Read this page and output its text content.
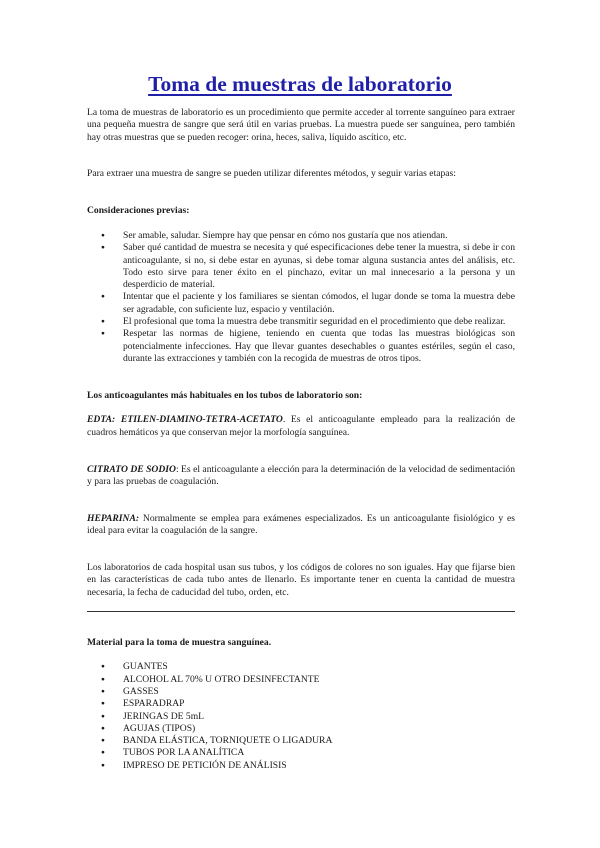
Toma de muestras de laboratorio

La toma de muestras de laboratorio es un procedimiento que permite acceder al torrente sanguíneo para extraer una pequeña muestra de sangre que será útil en varias pruebas. La muestra puede ser sanguínea, pero también hay otras muestras que se pueden recoger: orina, heces, saliva, líquido ascítico, etc.

Para extraer una muestra de sangre se pueden utilizar diferentes métodos, y seguir varias etapas:

Consideraciones previas:

● Ser amable, saludar. Siempre hay que pensar en cómo nos gustaría que nos atiendan.
● Saber qué cantidad de muestra se necesita y qué especificaciones debe tener la muestra, si debe ir con anticoagulante, si no, si debe estar en ayunas, si debe tomar alguna sustancia antes del análisis, etc. Todo esto sirve para tener éxito en el pinchazo, evitar un mal innecesario a la persona y un desperdicio de material.
● Intentar que el paciente y los familiares se sientan cómodos, el lugar donde se toma la muestra debe ser agradable, con suficiente luz, espacio y ventilación.
● El profesional que toma la muestra debe transmitir seguridad en el procedimiento que debe realizar.
● Respetar las normas de higiene, teniendo en cuenta que todas las muestras biológicas son potencialmente infecciones. Hay que llevar guantes desechables o guantes estériles, según el caso, durante las extracciones y también con la recogida de muestras de otros tipos.

Los anticoagulantes más habituales en los tubos de laboratorio son:

EDTA: ETILEN-DIAMINO-TETRA-ACETATO. Es el anticoagulante empleado para la realización de cuadros hemáticos ya que conservan mejor la morfología sanguínea.

CITRATO DE SODIO: Es el anticoagulante a elección para la determinación de la velocidad de sedimentación y para las pruebas de coagulación.

HEPARINA: Normalmente se emplea para exámenes especializados. Es un anticoagulante fisiológico y es ideal para evitar la coagulación de la sangre.

Los laboratorios de cada hospital usan sus tubos, y los códigos de colores no son iguales. Hay que fijarse bien en las características de cada tubo antes de llenarlo. Es importante tener en cuenta la cantidad de muestra necesaria, la fecha de caducidad del tubo, orden, etc.

Material para la toma de muestra sanguínea.

● GUANTES
● ALCOHOL AL 70% U OTRO DESINFECTANTE
● GASSES
● ESPARADRAP
● JERINGAS DE 5mL
● AGUJAS (TIPOS)
● BANDA ELÁSTICA, TORNIQUETE O LIGADURA
● TUBOS POR LA ANALÍTICA
● IMPRESO DE PETICIÓN DE ANÁLISIS
